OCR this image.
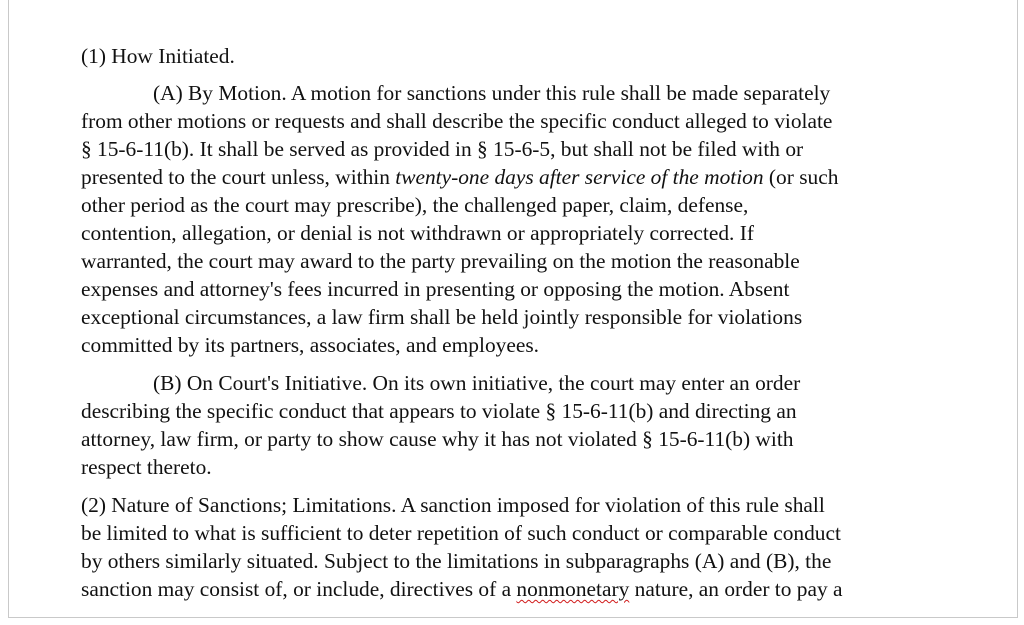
(1) How Initiated.

(A) By Motion. A motion for sanctions under this rule shall be made separately
from other motions or requests and shall describe the specific conduct alleged to violate
§ 15-6-11(b). It shall be served as provided in § 15-6-5, but shall not be filed with or
presented to the court unless, within twenty-one days after service of the motion (or such
other period as the court may prescribe), the challenged paper, claim, defense,
contention, allegation, or denial is not withdrawn or appropriately corrected. If
warranted, the court may award to the party prevailing on the motion the reasonable
expenses and attorney's fees incurred in presenting or opposing the motion. Absent
exceptional circumstances, a law firm shall be held jointly responsible for violations
committed by its partners, associates, and employees.
(B) On Court's Initiative. On its own initiative, the court may enter an order
describing the specific conduct that appears to violate § 15-6-11(b) and directing an
attorney, law firm, or party to show cause why it has not violated § 15-6-11(b) with
respect thereto.
(2) Nature of Sanctions; Limitations. A sanction imposed for violation of this rule shall
be limited to what is sufficient to deter repetition of such conduct or comparable conduct
by others similarly situated. Subject to the limitations in subparagraphs (A) and (B), the
sanction may consist of, or include, directives of a nonmonetary nature, an order to pay a
